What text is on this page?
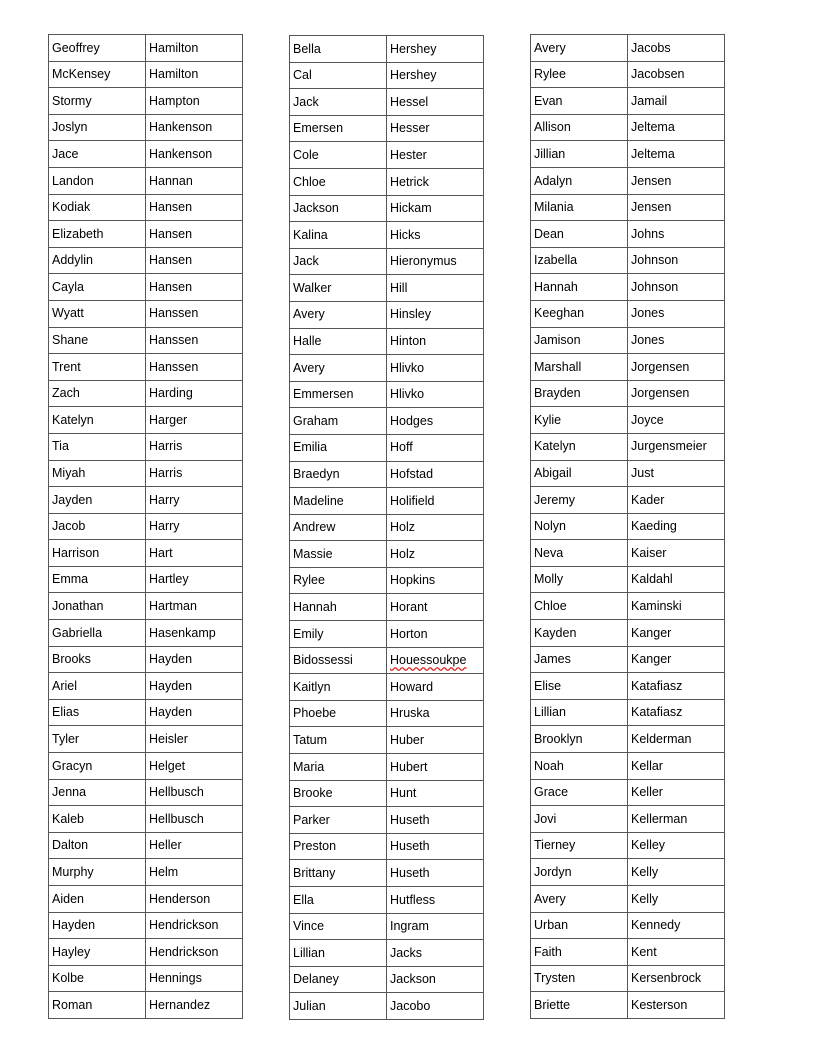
Geoffrey	Hamilton
McKensey	Hamilton
Stormy	Hampton
Joslyn	Hankenson
Jace	Hankenson
Landon	Hannan
Kodiak	Hansen
Elizabeth	Hansen
Addylin	Hansen
Cayla	Hansen
Wyatt	Hanssen
Shane	Hanssen
Trent	Hanssen
Zach	Harding
Katelyn	Harger
Tia	Harris
Miyah	Harris
Jayden	Harry
Jacob	Harry
Harrison	Hart
Emma	Hartley
Jonathan	Hartman
Gabriella	Hasenkamp
Brooks	Hayden
Ariel	Hayden
Elias	Hayden
Tyler	Heisler
Gracyn	Helget
Jenna	Hellbusch
Kaleb	Hellbusch
Dalton	Heller
Murphy	Helm
Aiden	Henderson
Hayden	Hendrickson
Hayley	Hendrickson
Kolbe	Hennings
Roman	Hernandez
Bella	Hershey
Cal	Hershey
Jack	Hessel
Emersen	Hesser
Cole	Hester
Chloe	Hetrick
Jackson	Hickam
Kalina	Hicks
Jack	Hieronymus
Walker	Hill
Avery	Hinsley
Halle	Hinton
Avery	Hlivko
Emmersen	Hlivko
Graham	Hodges
Emilia	Hoff
Braedyn	Hofstad
Madeline	Holifield
Andrew	Holz
Massie	Holz
Rylee	Hopkins
Hannah	Horant
Emily	Horton
Bidossessi	Houessoukpe
Kaitlyn	Howard
Phoebe	Hruska
Tatum	Huber
Maria	Hubert
Brooke	Hunt
Parker	Huseth
Preston	Huseth
Brittany	Huseth
Ella	Hutfless
Vince	Ingram
Lillian	Jacks
Delaney	Jackson
Julian	Jacobo
Avery	Jacobs
Rylee	Jacobsen
Evan	Jamail
Allison	Jeltema
Jillian	Jeltema
Adalyn	Jensen
Milania	Jensen
Dean	Johns
Izabella	Johnson
Hannah	Johnson
Keeghan	Jones
Jamison	Jones
Marshall	Jorgensen
Brayden	Jorgensen
Kylie	Joyce
Katelyn	Jurgensmeier
Abigail	Just
Jeremy	Kader
Nolyn	Kaeding
Neva	Kaiser
Molly	Kaldahl
Chloe	Kaminski
Kayden	Kanger
James	Kanger
Elise	Katafiasz
Lillian	Katafiasz
Brooklyn	Kelderman
Noah	Kellar
Grace	Keller
Jovi	Kellerman
Tierney	Kelley
Jordyn	Kelly
Avery	Kelly
Urban	Kennedy
Faith	Kent
Trysten	Kersenbrock
Briette	Kesterson
